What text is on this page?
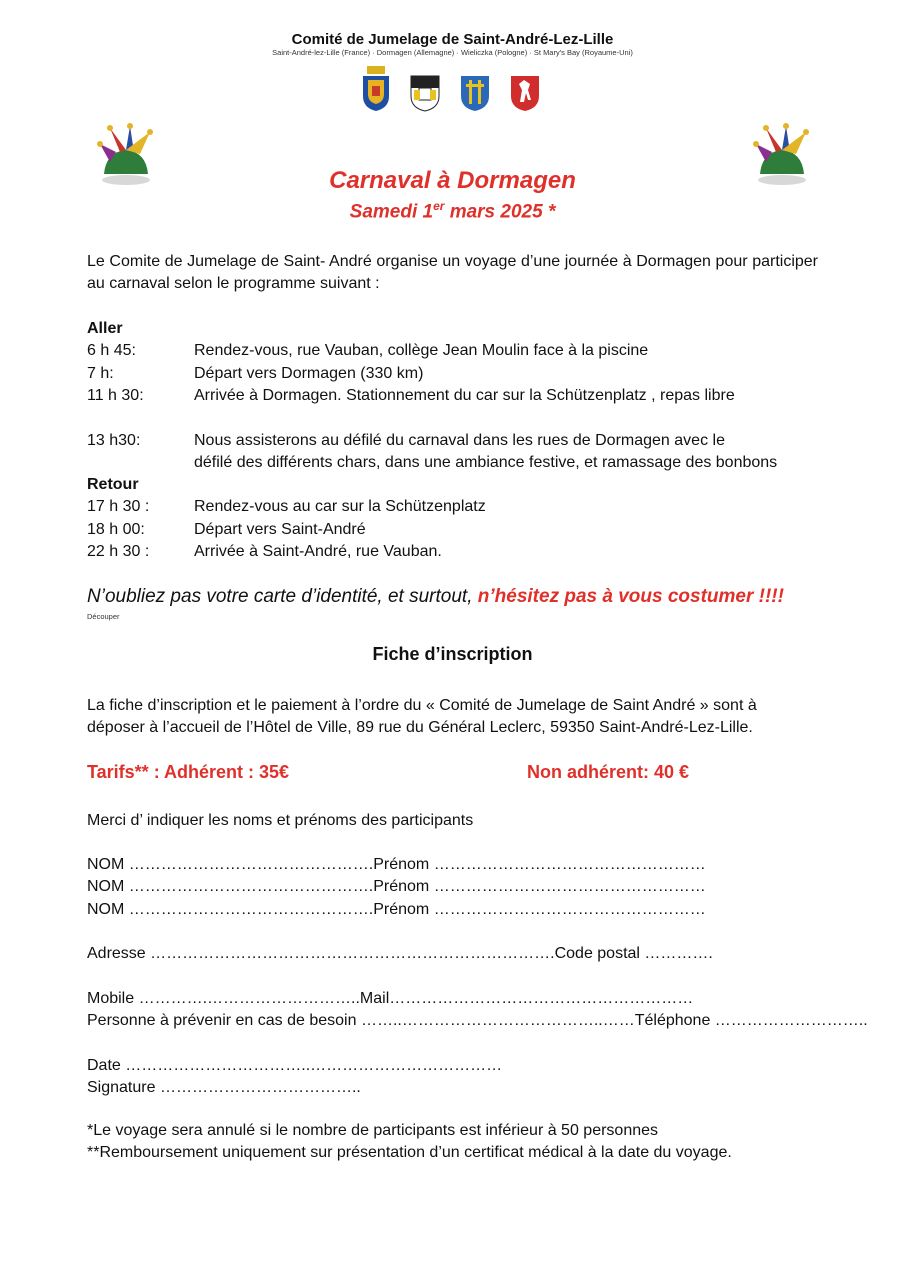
Comité de Jumelage de Saint-André-Lez-Lille
Saint-André-lez-Lille (France) · Dormagen (Allemagne) · Wieliczka (Pologne) · St Mary's Bay (Royaume-Uni)
Carnaval à Dormagen
Samedi 1er mars 2025 *
Le Comite de Jumelage de Saint- André organise un voyage d’une journée à Dormagen pour participer au carnaval selon le programme suivant :
Aller
6 h 45:	Rendez-vous, rue Vauban, collège Jean Moulin face à la piscine
7 h:	Départ vers Dormagen (330 km)
11 h 30:	Arrivée à Dormagen. Stationnement du car sur la Schützenplatz , repas libre
13 h30:	Nous assisterons au défilé du carnaval dans les rues de Dormagen avec le
défilé des différents chars, dans une ambiance festive, et ramassage des bonbons
Retour
17 h 30 :	Rendez-vous au car sur la Schützenplatz
18 h 00:	Départ vers Saint-André
22 h 30 :	Arrivée à Saint-André, rue Vauban.
N’oubliez pas votre carte d’identité, et surtout, n’hésitez pas à vous costumer !!!!
Découper
Fiche d’inscription
La fiche d’inscription et le paiement à l’ordre du « Comité de Jumelage de Saint André » sont à
déposer à l’accueil de l’Hôtel de Ville, 89 rue du Général Leclerc, 59350 Saint-André-Lez-Lille.
Tarifs** : Adhérent : 35€	Non adhérent: 40 €
Merci d’ indiquer les noms et prénoms des participants
NOM ……………………………………….Prénom ……………………………………………
NOM ……………………………………….Prénom ……………………………………………
NOM ……………………………………….Prénom ……………………………………………
Adresse ………………………………………………………………….Code postal ………….
Mobile ………….………………………..Mail…………………………………………………
Personne à prévenir en cas de besoin ……..………………………………..……Téléphone ………………………..
Date ……………………………..………………………………
Signature ………………………………..
*Le voyage sera annulé si le nombre de participants est inférieur à 50 personnes
**Remboursement uniquement sur présentation d’un certificat médical à la date du voyage.
